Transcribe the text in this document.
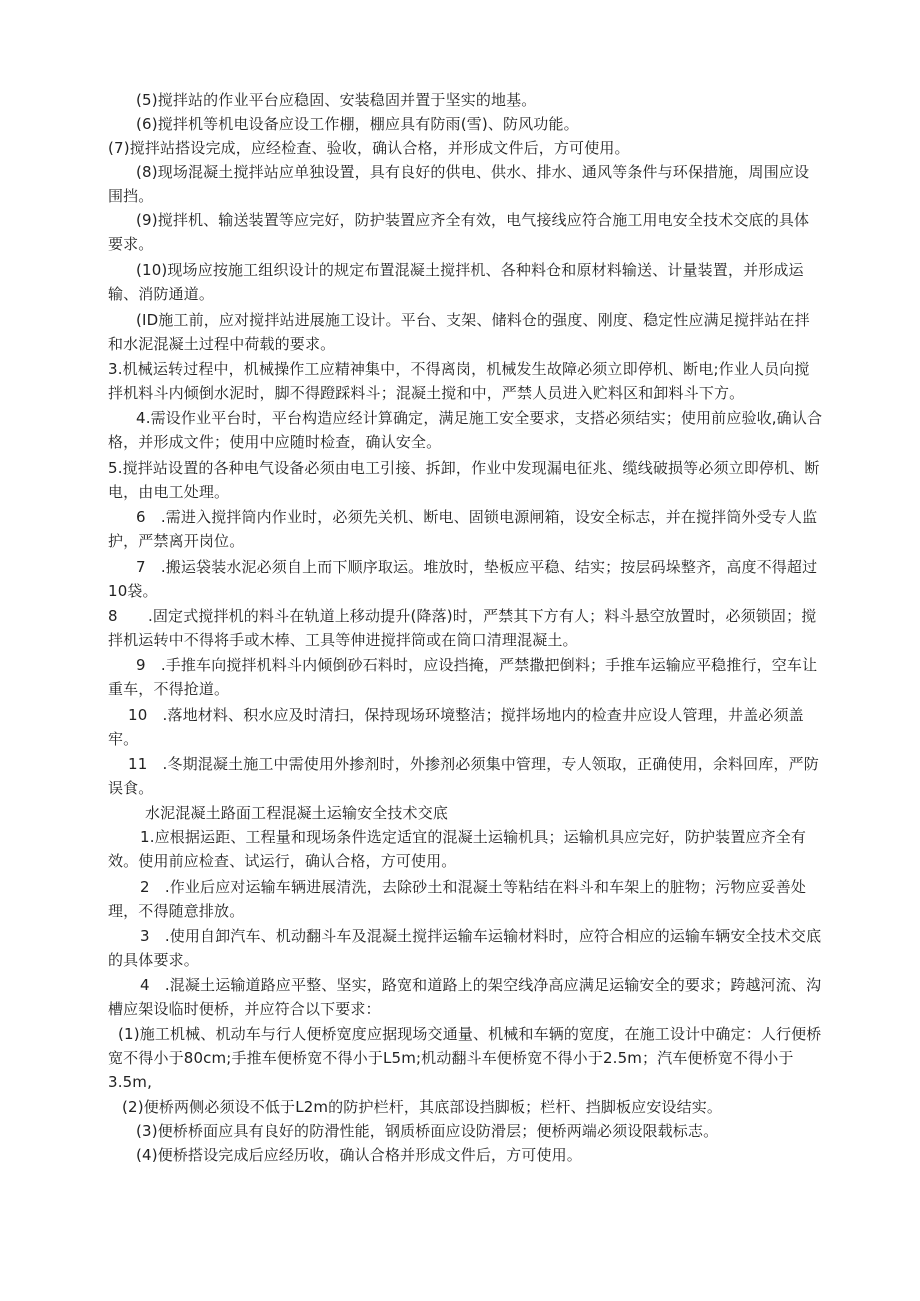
(5)搅拌站的作业平台应稳固、安装稳固并置于坚实的地基。

(6)搅拌机等机电设备应设工作棚，棚应具有防雨(雪)、防风功能。

(7)搅拌站搭设完成，应经检查、验收，确认合格，并形成文件后，方可使用。

(8)现场混凝土搅拌站应单独设置，具有良好的供电、供水、排水、通风等条件与环保措施，周围应设围挡。

(9)搅拌机、输送装置等应完好，防护装置应齐全有效，电气接线应符合施工用电安全技术交底的具体要求。

(10)现场应按施工组织设计的规定布置混凝土搅拌机、各种料仓和原材料输送、计量装置，并形成运输、消防通道。

(ID施工前，应对搅拌站进展施工设计。平台、支架、储料仓的强度、刚度、稳定性应满足搅拌站在拌和水泥混凝土过程中荷载的要求。

3.机械运转过程中，机械操作工应精神集中，不得离岗，机械发生故障必须立即停机、断电;作业人员向搅拌机料斗内倾倒水泥时，脚不得蹬踩料斗；混凝土搅和中，严禁人员进入贮料区和卸料斗下方。

4.需设作业平台时，平台构造应经计算确定，满足施工安全要求，支搭必须结实；使用前应验收,确认合格，并形成文件；使用中应随时检查，确认安全。

5.搅拌站设置的各种电气设备必须由电工引接、拆卸，作业中发现漏电征兆、缆线破损等必须立即停机、断电，由电工处理。

6　.需进入搅拌筒内作业时，必须先关机、断电、固锁电源闸箱，设安全标志，并在搅拌筒外受专人监护，严禁离开岗位。

7　.搬运袋装水泥必须自上而下顺序取运。堆放时，垫板应平稳、结实；按层码垛整齐，高度不得超过10袋。

8　　.固定式搅拌机的料斗在轨道上移动提升(降落)时，严禁其下方有人；料斗悬空放置时，必须锁固；搅拌机运转中不得将手或木棒、工具等伸进搅拌筒或在筒口清理混凝土。

9　.手推车向搅拌机料斗内倾倒砂石料时，应设挡掩，严禁撒把倒料；手推车运输应平稳推行，空车让重车，不得抢道。

10　.落地材料、积水应及时清扫，保持现场环境整洁；搅拌场地内的检查井应设人管理，井盖必须盖牢。

11　.冬期混凝土施工中需使用外掺剂时，外掺剂必须集中管理，专人领取，正确使用，余料回库，严防误食。

水泥混凝土路面工程混凝土运输安全技术交底

1.应根据运距、工程量和现场条件选定适宜的混凝土运输机具；运输机具应完好，防护装置应齐全有效。使用前应检查、试运行，确认合格，方可使用。

2　.作业后应对运输车辆进展清洗，去除砂土和混凝土等粘结在料斗和车架上的脏物；污物应妥善处理，不得随意排放。

3　.使用自卸汽车、机动翻斗车及混凝土搅拌运输车运输材料时，应符合相应的运输车辆安全技术交底的具体要求。

4　.混凝土运输道路应平整、坚实，路宽和道路上的架空线净高应满足运输安全的要求；跨越河流、沟槽应架设临时便桥，并应符合以下要求：

(1)施工机械、机动车与行人便桥宽度应据现场交通量、机械和车辆的宽度，在施工设计中确定：人行便桥宽不得小于80cm;手推车便桥宽不得小于L5m;机动翻斗车便桥宽不得小于2.5m；汽车便桥宽不得小于3.5m,

(2)便桥两侧必须设不低于L2m的防护栏杆，其底部设挡脚板；栏杆、挡脚板应安设结实。

(3)便桥桥面应具有良好的防滑性能，钢质桥面应设防滑层；便桥两端必须设限载标志。

(4)便桥搭设完成后应经历收，确认合格并形成文件后，方可使用。
